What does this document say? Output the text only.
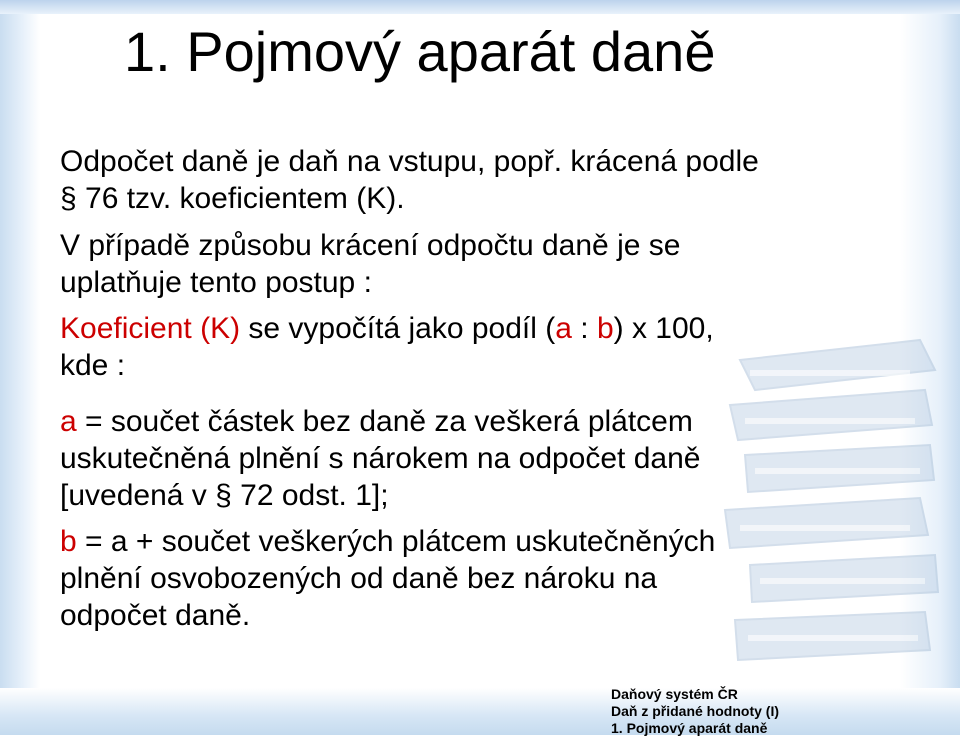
1. Pojmový aparát daně
Odpočet daně je daň na vstupu, popř. krácená podle
§ 76 tzv. koeficientem (K).
V případě způsobu krácení odpočtu daně je se
uplatňuje tento postup :
Koeficient (K) se vypočítá jako podíl (a : b) x 100,
kde :
a = součet částek bez daně za veškerá plátcem
uskutečněná plnění s nárokem na odpočet daně
[uvedená v § 72 odst. 1];
b = a + součet veškerých plátcem uskutečněných
plnění osvobozených od daně bez nároku na
odpočet daně.
Daňový systém ČR
Daň z přidané hodnoty (I)
1. Pojmový aparát daně
